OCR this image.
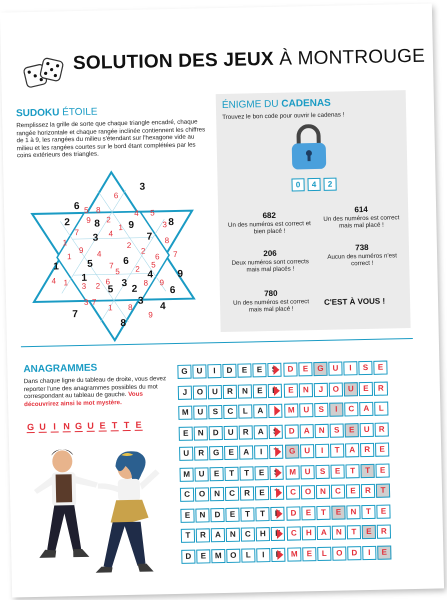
SOLUTION DES JEUX À MONTROUGE
SUDOKU ÉTOILE
Remplissez la grille de sorte que chaque triangle encadré, chaque rangée horizontale et chaque rangée inclinée contiennent les chiffres de 1 à 9, les rangées du milieu s'étendant sur l'hexagone vide au milieu et les rangées courtes sur le bord étant complétées par les coins extérieurs des triangles.
6
3
2 8
3
9
7
5
8
1	6
1	4 9
5 2
7
4
3
8
6
3
5 8
9 2
7	4
1
4 5
6
3
8
2	7
1
9 4
1
7	2
6
5
3 2	8 9
1
4
7
1 8
9
5
6
2
3
ÉNIGME DU CADENAS
Trouvez le bon code pour ouvrir le cadenas !
0	4	2
682
Un des numéros est correct et bien placé !
614
Un des numéros est correct mais mal placé !
206
Deux numéros sont corrects mais mal placés !
738
Aucun des numéros n'est correct !
780
Un des numéros est correct mais mal placé !
C'EST À VOUS !
ANAGRAMMES
Dans chaque ligne du tableau de droite, vous devez reporter l'une des anagrammes possibles du mot correspondant au tableau de gauche. Vous découvrirez ainsi le mot mystère.
G U I N G U E T T E
G	U	I	D	E	E	S
J	O	U	R	N	E	E
M	U	S	C	L	A	I
E	N	D	U	R	A	S
U	R	G	E	A	I	T
M	U	E	T	T	E	S
C	O	N	C	R	E	T
E	N	D	E	T	T	E
T	R	A	N	C	H	E
D	E	M	O	L	I	E
D	E	G	U	I	S	E
E	N	J	O	U	E	R
M	U	S	I	C	A	L
D	A	N	S	E	U	R
G	U	I	T	A	R	E
M	U	S	E	T	T	E
C	O	N	C	E	R	T
D	E	T	E	N	T	E
C	H	A	N	T	E	R
M	E	L	O	D	I	E
